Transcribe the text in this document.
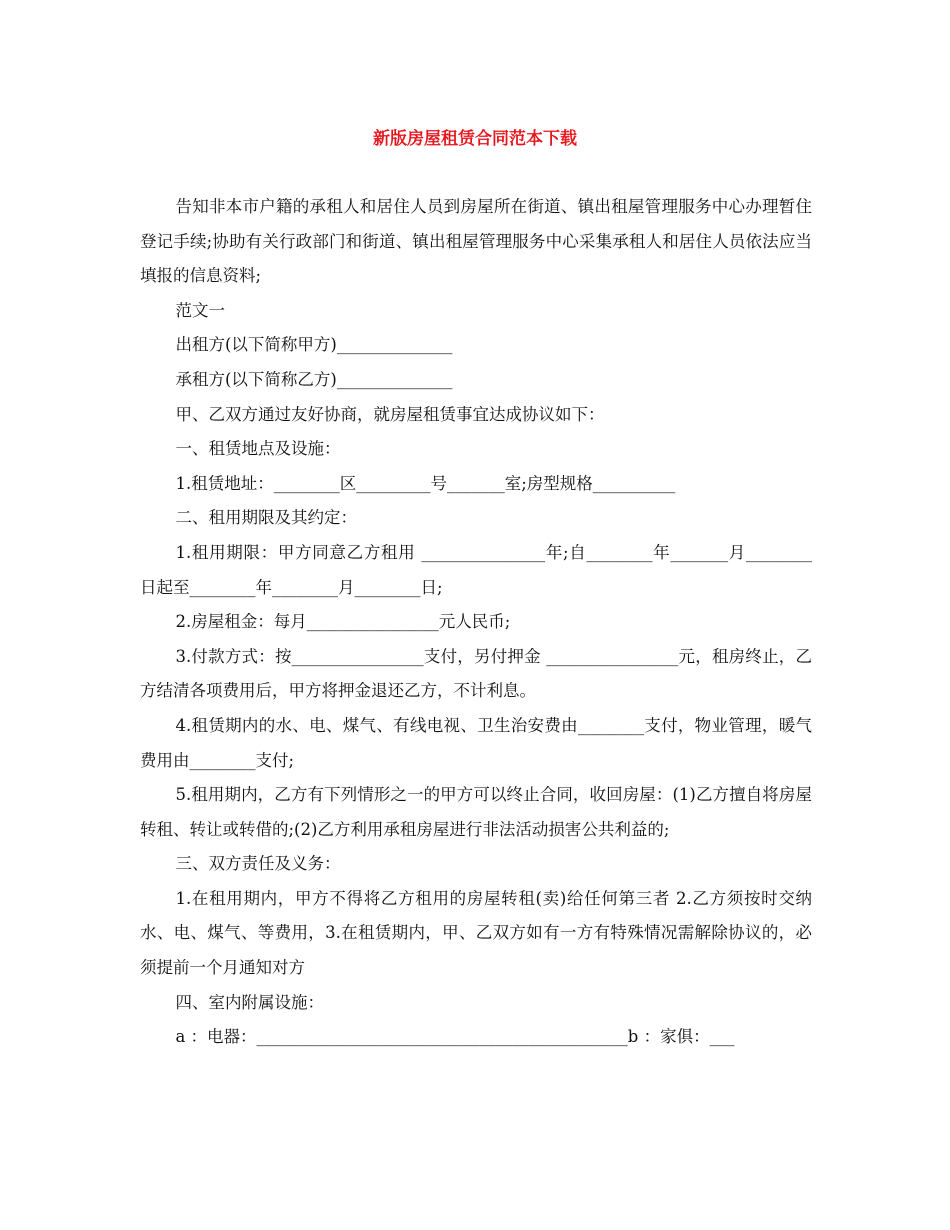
新版房屋租赁合同范本下载

告知非本市户籍的承租人和居住人员到房屋所在街道、镇出租屋管理服务中心办理暂住登记手续;协助有关行政部门和街道、镇出租屋管理服务中心采集承租人和居住人员依法应当填报的信息资料;

范文一

出租方(以下简称甲方)______________

承租方(以下简称乙方)______________

甲、乙双方通过友好协商，就房屋租赁事宜达成协议如下：

一、租赁地点及设施：

1.租赁地址：________区_________号_______室;房型规格__________

二、租用期限及其约定：

1.租用期限：甲方同意乙方租用 _______________年;自________年_______月________日起至________年________月________日;

2.房屋租金：每月________________元人民币;

3.付款方式：按________________支付，另付押金 ________________元，租房终止，乙方结清各项费用后，甲方将押金退还乙方，不计利息。

4.租赁期内的水、电、煤气、有线电视、卫生治安费由________支付，物业管理，暖气费用由________支付;

5.租用期内，乙方有下列情形之一的甲方可以终止合同，收回房屋：(1)乙方擅自将房屋转租、转让或转借的;(2)乙方利用承租房屋进行非法活动损害公共利益的;

三、双方责任及义务：

1.在租用期内，甲方不得将乙方租用的房屋转租(卖)给任何第三者 2.乙方须按时交纳水、电、煤气、等费用，3.在租赁期内，甲、乙双方如有一方有特殊情况需解除协议的，必须提前一个月通知对方

四、室内附属设施：

a ：电器：_____________________________________________b ：家俱：___
